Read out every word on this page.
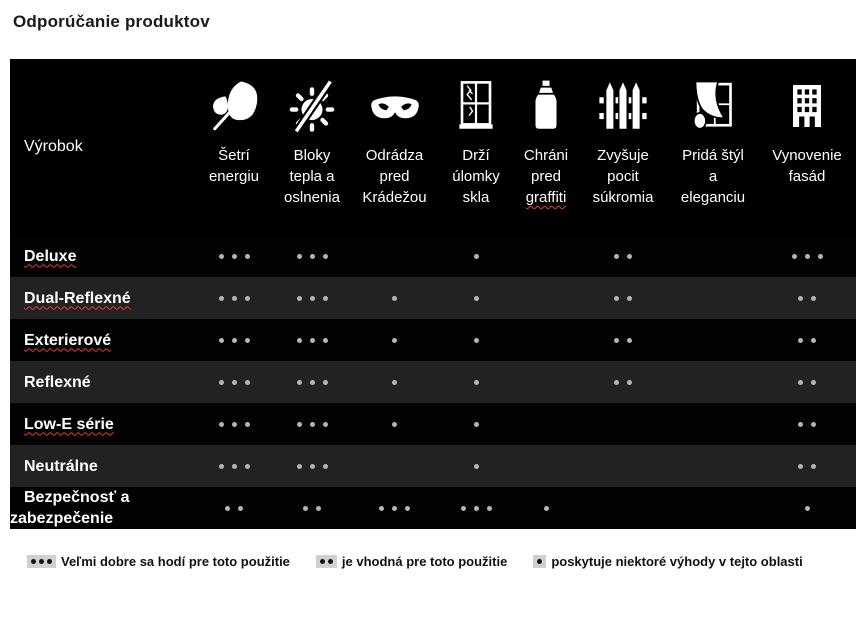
Odporúčanie produktov
Výrobok
Šetrí
energiu
Bloky
tepla a
oslnenia
Odrádza
pred
Krádežou
Drží
úlomky
skla
Chráni
pred
graffiti
Zvyšuje
pocit
súkromia
Pridá štýl
a
eleganciu
Vynovenie
fasád
Deluxe
Dual-Reflexné
Exterierové
Reflexné
Low-E série
Neutrálne
Bezpečnosť a zabezpečenie
Veľmi dobre sa hodí pre toto použitie	je vhodná pre toto použitie	poskytuje niektoré výhody v tejto oblasti
